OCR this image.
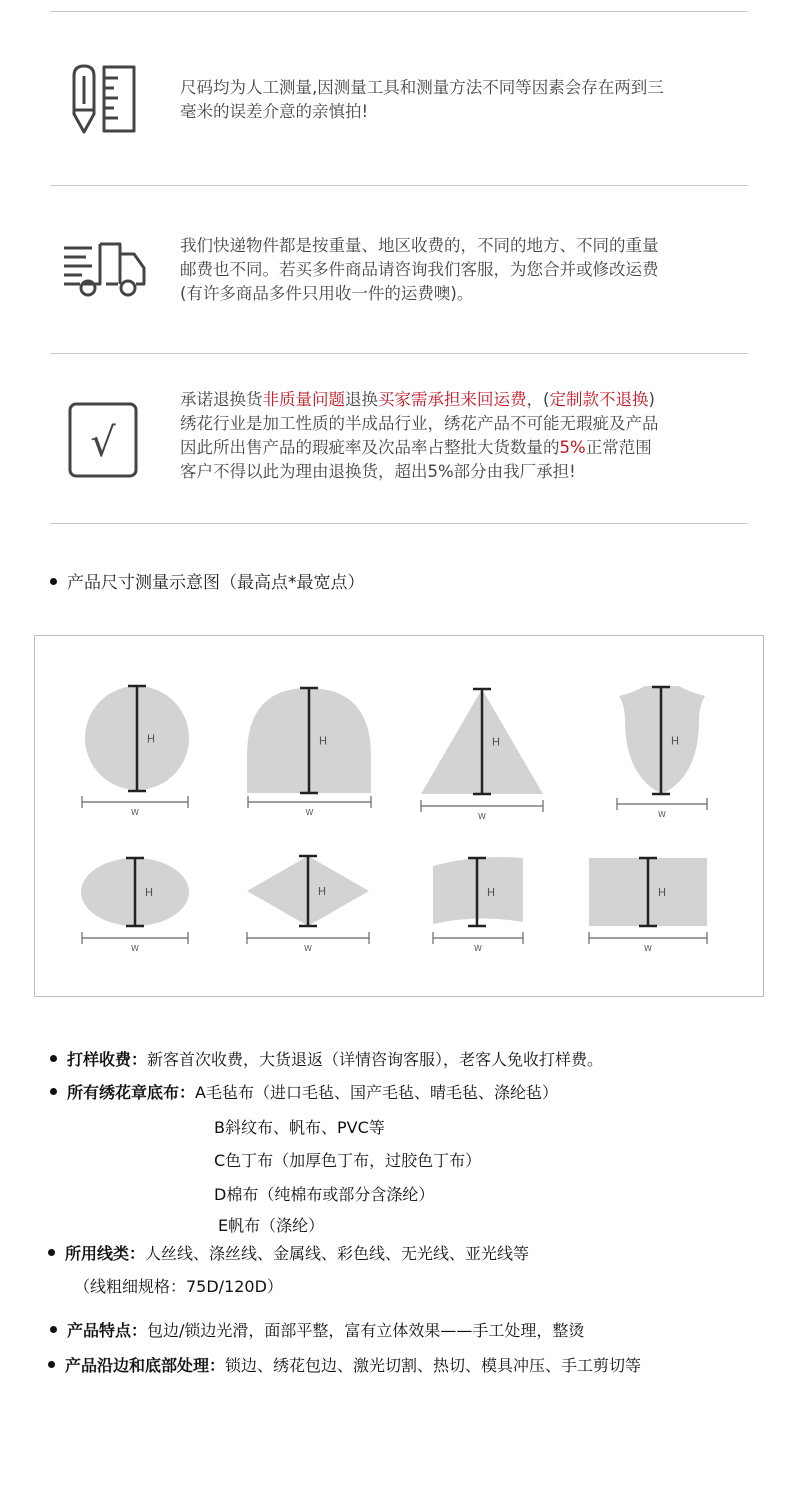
尺码均为人工测量,因测量工具和测量方法不同等因素会存在两到三
毫米的误差介意的亲慎拍!
我们快递物件都是按重量、地区收费的，不同的地方、不同的重量
邮费也不同。若买多件商品请咨询我们客服，为您合并或修改运费
(有许多商品多件只用收一件的运费噢)。
√
承诺退换货非质量问题退换买家需承担来回运费，(定制款不退换)
绣花行业是加工性质的半成品行业，绣花产品不可能无瑕疵及产品
因此所出售产品的瑕疵率及次品率占整批大货数量的5%正常范围
客户不得以此为理由退换货，超出5%部分由我厂承担!
产品尺寸测量示意图（最高点*最宽点）
H
W
H
W
H
W
H
W
H
W
H
W
H
W
H
W
打样收费：新客首次收费，大货退返（详情咨询客服），老客人免收打样费。
所有绣花章底布：A毛毡布（进口毛毡、国产毛毡、晴毛毡、涤纶毡）
B斜纹布、帆布、PVC等
C色丁布（加厚色丁布，过胶色丁布）
D棉布（纯棉布或部分含涤纶）
E帆布（涤纶）
所用线类：人丝线、涤丝线、金属线、彩色线、无光线、亚光线等
（线粗细规格：75D/120D）
产品特点：包边/锁边光滑，面部平整，富有立体效果——手工处理，整烫
产品沿边和底部处理：锁边、绣花包边、激光切割、热切、模具冲压、手工剪切等
